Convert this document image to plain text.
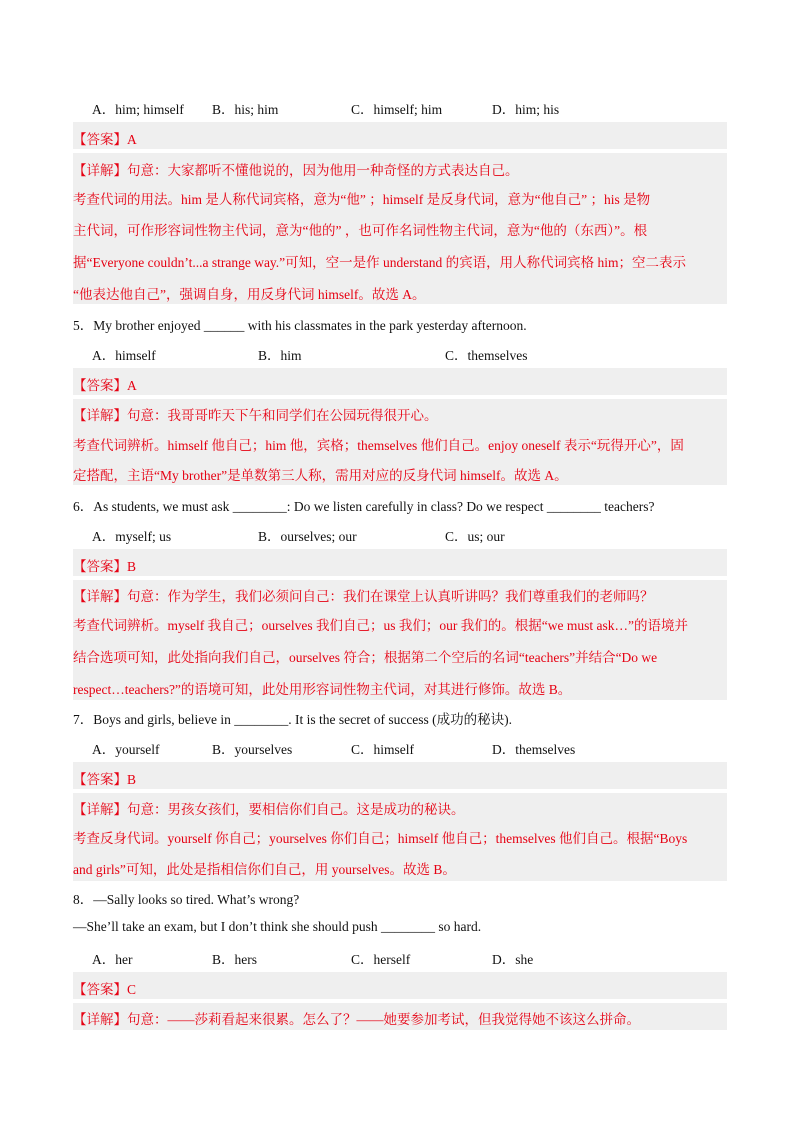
A．him; himself B．his; him	C．himself; him	D．him; his
【答案】A
【详解】句意：大家都听不懂他说的，因为他用一种奇怪的方式表达自己。
考查代词的用法。him 是人称代词宾格，意为“他” ；himself 是反身代词，意为“他自己” ；his 是物
主代词，可作形容词性物主代词，意为“他的” ，也可作名词性物主代词，意为“他的（东西）”。根
据“Everyone couldn’t...a strange way.”可知，空一是作 understand 的宾语，用人称代词宾格 him；空二表示
“他表达他自己”，强调自身，用反身代词 himself。故选 A。
5．My brother enjoyed ______ with his classmates in the park yesterday afternoon.
A．himself	B．him	C．themselves
【答案】A
【详解】句意：我哥哥昨天下午和同学们在公园玩得很开心。
考查代词辨析。himself 他自己；him 他，宾格；themselves 他们自己。enjoy oneself 表示“玩得开心”，固
定搭配，主语“My brother”是单数第三人称，需用对应的反身代词 himself。故选 A。
6．As students, we must ask ________: Do we listen carefully in class? Do we respect ________ teachers?
A．myself; us	B．ourselves; our	C．us; our
【答案】B
【详解】句意：作为学生，我们必须问自己：我们在课堂上认真听讲吗？我们尊重我们的老师吗？
考查代词辨析。myself 我自己；ourselves 我们自己；us 我们；our 我们的。根据“we must ask…”的语境并
结合选项可知，此处指向我们自己，ourselves 符合；根据第二个空后的名词“teachers”并结合“Do we
respect…teachers?”的语境可知，此处用形容词性物主代词，对其进行修饰。故选 B。
7．Boys and girls, believe in ________. It is the secret of success (成功的秘诀).
A．yourself	B．yourselves	C．himself	D．themselves
【答案】B
【详解】句意：男孩女孩们，要相信你们自己。这是成功的秘诀。
考查反身代词。yourself 你自己；yourselves 你们自己；himself 他自己；themselves 他们自己。根据“Boys
and girls”可知，此处是指相信你们自己，用 yourselves。故选 B。
8．—Sally looks so tired. What’s wrong?
—She’ll take an exam, but I don’t think she should push ________ so hard.
A．her	B．hers	C．herself	D．she
【答案】C
【详解】句意：——莎莉看起来很累。怎么了？——她要参加考试，但我觉得她不该这么拼命。
